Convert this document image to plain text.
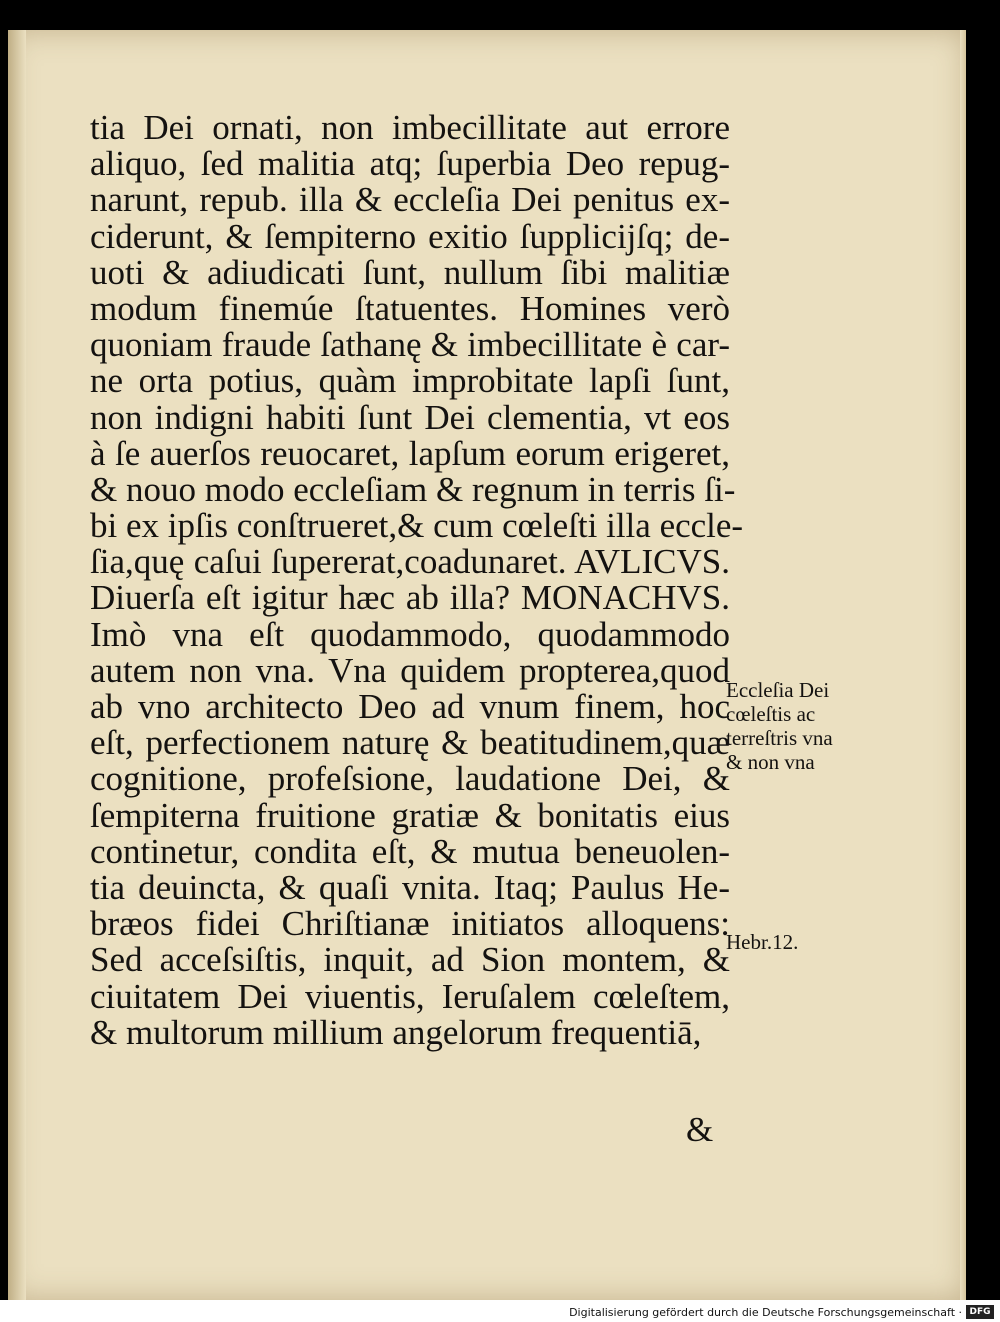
tia Dei ornati, non imbecillitate aut errore
aliquo, ſed malitia atq; ſuperbia Deo repug-
narunt, repub. illa & eccleſia Dei penitus ex-
ciderunt, & ſempiterno exitio ſupplicijſq; de-
uoti & adiudicati ſunt, nullum ſibi malitiæ
modum finemúe ſtatuentes. Homines verò
quoniam fraude ſathanę & imbecillitate è car-
ne orta potius, quàm improbitate lapſi ſunt,
non indigni habiti ſunt Dei clementia, vt eos
à ſe auerſos reuocaret, lapſum eorum erigeret,
& nouo modo eccleſiam & regnum in terris ſi-
bi ex ipſis conſtrueret,& cum cœleſti illa eccle-
ſia,quę caſui ſupererat,coadunaret. AVLICVS.
Diuerſa eſt igitur hæc ab illa? MONACHVS.
Imò vna eſt quodammodo, quodammodo
autem non vna. Vna quidem propterea,quod
ab vno architecto Deo ad vnum finem, hoc
eſt, perfectionem naturę & beatitudinem,quæ
cognitione, profeſsione, laudatione Dei, &
ſempiterna fruitione gratiæ & bonitatis eius
continetur, condita eſt, & mutua beneuolen-
tia deuincta, & quaſi vnita. Itaq; Paulus He-
bræos fidei Chriſtianæ initiatos alloquens:
Sed acceſsiſtis, inquit, ad Sion montem, &
ciuitatem Dei viuentis, Ieruſalem cœleſtem,
& multorum millium angelorum frequentiā,
&
Eccleſia Dei
cœleſtis ac
terreſtris vna
& non vna
Hebr.12.
Digitalisierung gefördert durch die Deutsche Forschungsgemeinschaft · DFG
